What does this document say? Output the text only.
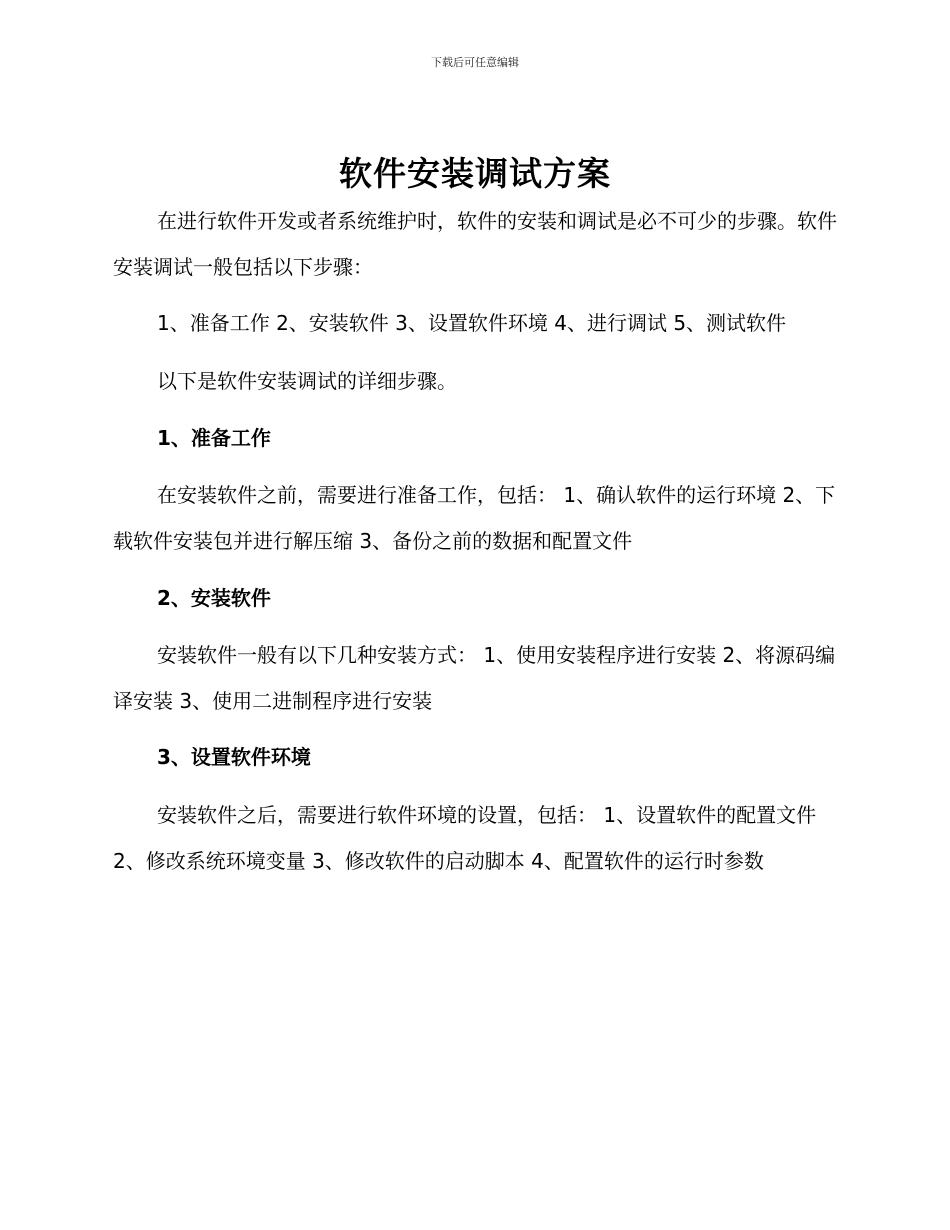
下载后可任意编辑
软件安装调试方案
在进行软件开发或者系统维护时，软件的安装和调试是必不可少的步骤。软件安装调试一般包括以下步骤：
1、准备工作 2、安装软件 3、设置软件环境 4、进行调试 5、测试软件
以下是软件安装调试的详细步骤。
1、准备工作
在安装软件之前，需要进行准备工作，包括： 1、确认软件的运行环境 2、下载软件安装包并进行解压缩 3、备份之前的数据和配置文件
2、安装软件
安装软件一般有以下几种安装方式： 1、使用安装程序进行安装 2、将源码编译安装 3、使用二进制程序进行安装
3、设置软件环境
安装软件之后，需要进行软件环境的设置，包括： 1、设置软件的配置文件 2、修改系统环境变量 3、修改软件的启动脚本 4、配置软件的运行时参数
